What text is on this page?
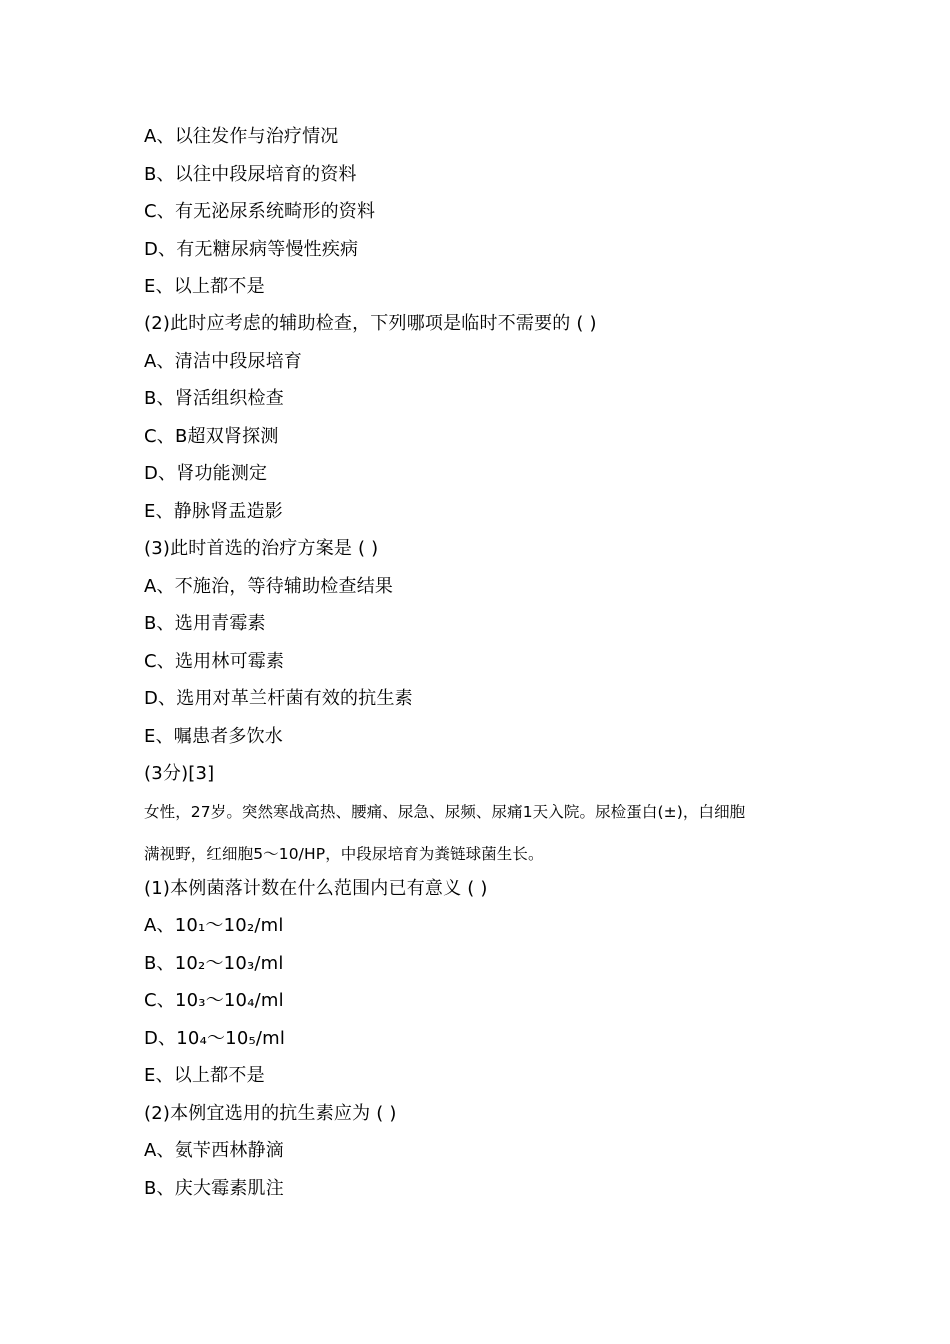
A、以往发作与治疗情况
B、以往中段尿培育的资料
C、有无泌尿系统畸形的资料
D、有无糖尿病等慢性疾病
E、以上都不是
(2)此时应考虑的辅助检查，下列哪项是临时不需要的 ( )
A、清洁中段尿培育
B、肾活组织检查
C、B超双肾探测
D、肾功能测定
E、静脉肾盂造影
(3)此时首选的治疗方案是 ( )
A、不施治，等待辅助检查结果
B、选用青霉素
C、选用林可霉素
D、选用对革兰杆菌有效的抗生素
E、嘱患者多饮水
(3分)[3]
女性，27岁。突然寒战高热、腰痛、尿急、尿频、尿痛1天入院。尿检蛋白(±)，白细胞
满视野，红细胞5～10/HP，中段尿培育为粪链球菌生长。
(1)本例菌落计数在什么范围内已有意义 ( )
A、10₁～10₂/ml
B、10₂～10₃/ml
C、10₃～10₄/ml
D、10₄～10₅/ml
E、以上都不是
(2)本例宜选用的抗生素应为 ( )
A、氨苄西林静滴
B、庆大霉素肌注
